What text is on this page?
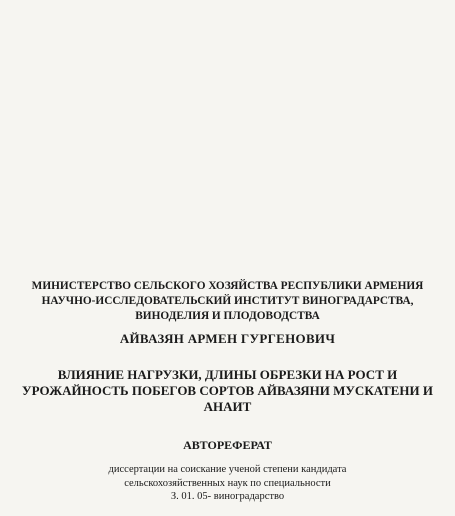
МИНИСТЕРСТВО СЕЛЬСКОГО ХОЗЯЙСТВА РЕСПУБЛИКИ АРМЕНИЯ
НАУЧНО-ИССЛЕДОВАТЕЛЬСКИЙ ИНСТИТУТ ВИНОГРАДАРСТВА,
ВИНОДЕЛИЯ И ПЛОДОВОДСТВА
АЙВАЗЯН АРМЕН ГУРГЕНОВИЧ
ВЛИЯНИЕ НАГРУЗКИ, ДЛИНЫ ОБРЕЗКИ НА РОСТ И
УРОЖАЙНОСТЬ ПОБЕГОВ СОРТОВ АЙВАЗЯНИ МУСКАТЕНИ И
АНАИТ
АВТОРЕФЕРАТ
диссертации на соискание ученой степени кандидата
сельскохозяйственных наук по специальности
З. 01. 05- виноградарство
